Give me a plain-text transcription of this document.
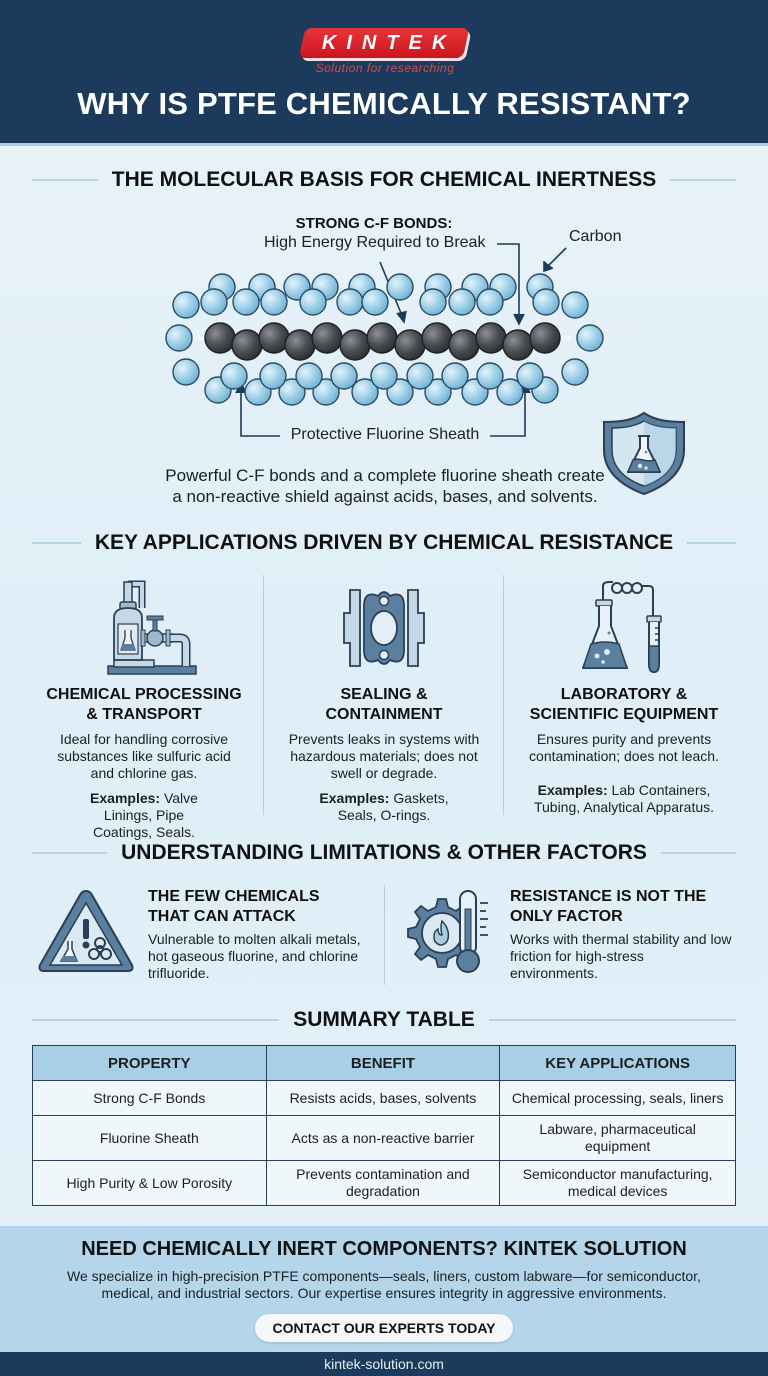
KINTEK
Solution for researching
WHY IS PTFE CHEMICALLY RESISTANT?
THE MOLECULAR BASIS FOR CHEMICAL INERTNESS
STRONG C-F BONDS:
High Energy Required to Break	Carbon
Protective Fluorine Sheath
Powerful C-F bonds and a complete fluorine sheath create
a non-reactive shield against acids, bases, and solvents.
KEY APPLICATIONS DRIVEN BY CHEMICAL RESISTANCE
CHEMICAL PROCESSING
& TRANSPORT
Ideal for handling corrosive substances like sulfuric acid and chlorine gas.
Examples: Valve Linings, Pipe Coatings, Seals.
SEALING &
CONTAINMENT
Prevents leaks in systems with hazardous materials; does not swell or degrade.
Examples: Gaskets, Seals, O-rings.
LABORATORY &
SCIENTIFIC EQUIPMENT
Ensures purity and prevents contamination; does not leach.
Examples: Lab Containers, Tubing, Analytical Apparatus.
UNDERSTANDING LIMITATIONS & OTHER FACTORS
THE FEW CHEMICALS
THAT CAN ATTACK
Vulnerable to molten alkali metals, hot gaseous fluorine, and chlorine trifluoride.
RESISTANCE IS NOT THE
ONLY FACTOR
Works with thermal stability and low friction for high-stress environments.
SUMMARY TABLE
PROPERTY	BENEFIT	KEY APPLICATIONS
Strong C-F Bonds	Resists acids, bases, solvents	Chemical processing, seals, liners
Fluorine Sheath	Acts as a non-reactive barrier	Labware, pharmaceutical equipment
High Purity & Low Porosity	Prevents contamination and degradation	Semiconductor manufacturing, medical devices
NEED CHEMICALLY INERT COMPONENTS? KINTEK SOLUTION
We specialize in high-precision PTFE components—seals, liners, custom labware—for semiconductor,
medical, and industrial sectors. Our expertise ensures integrity in aggressive environments.
CONTACT OUR EXPERTS TODAY
kintek-solution.com
